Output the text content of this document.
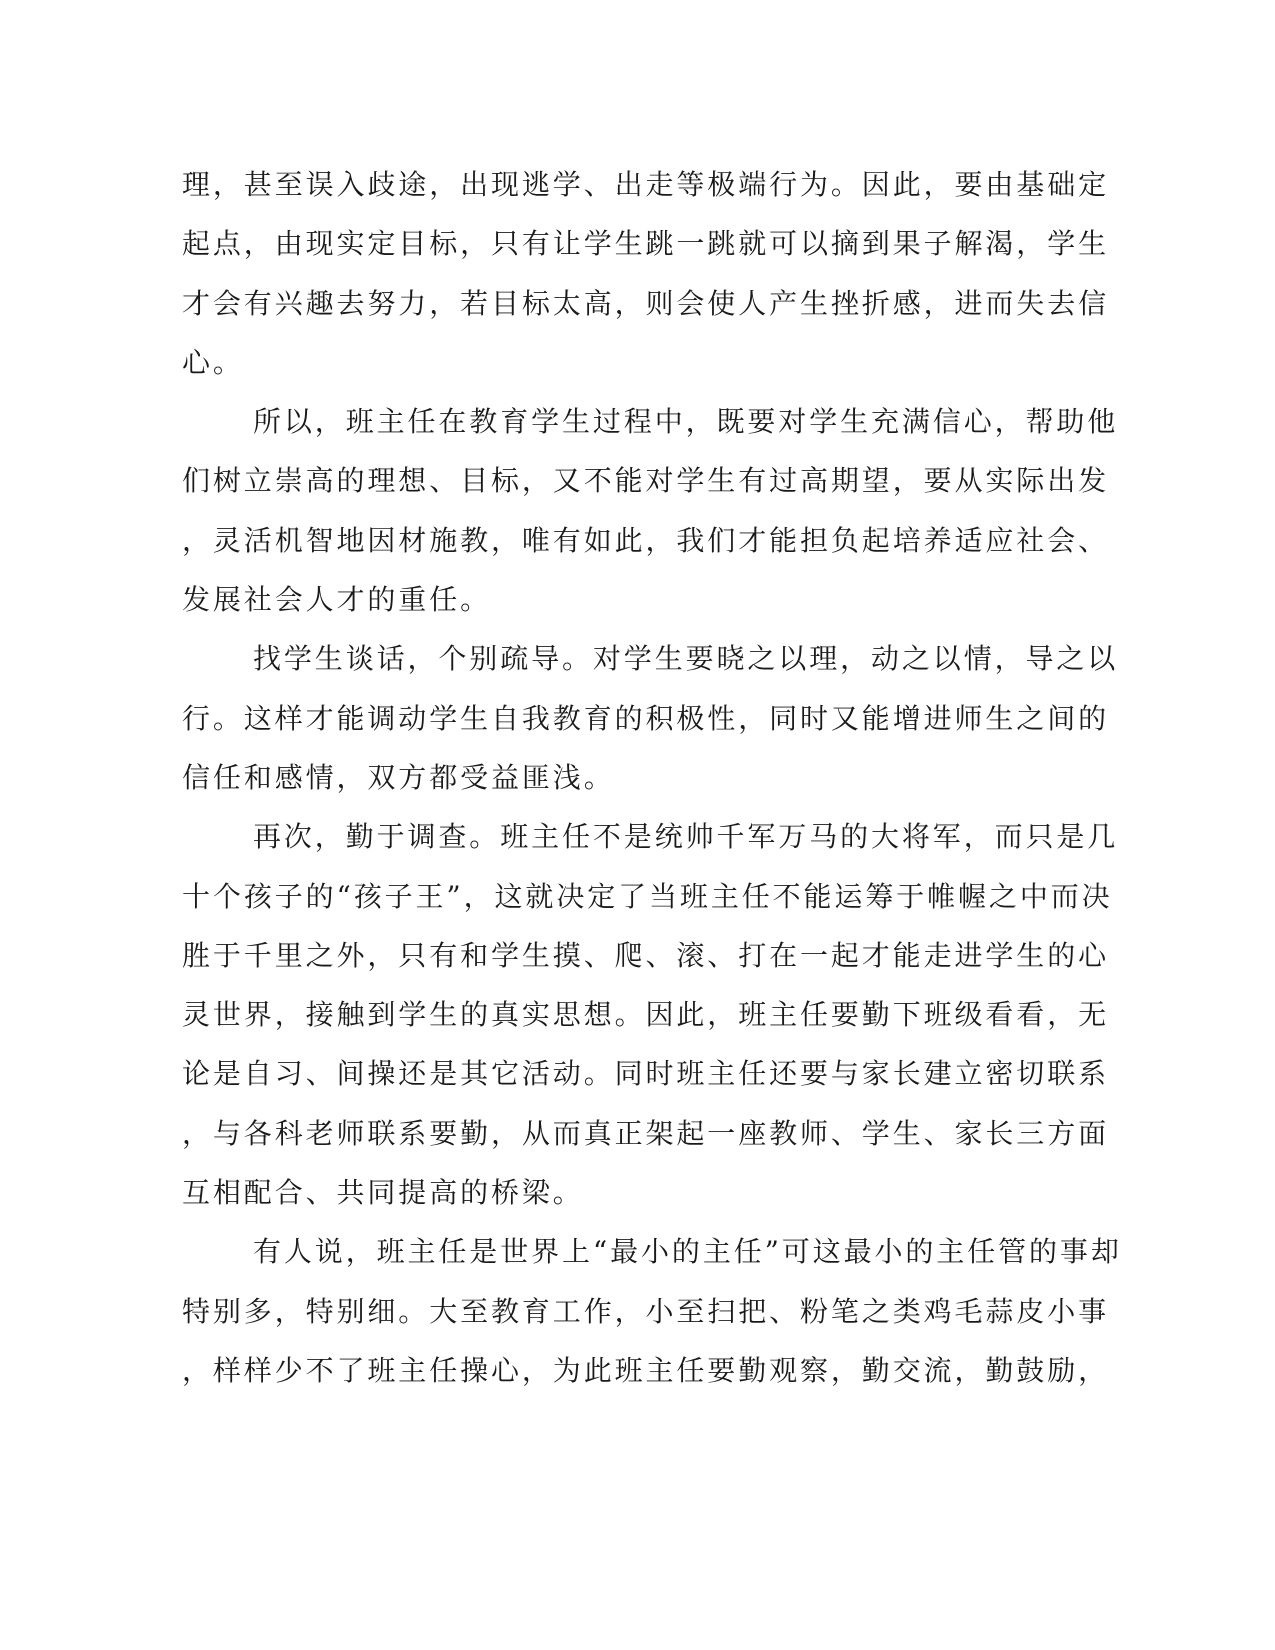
理，甚至误入歧途，出现逃学、出走等极端行为。因此，要由基础定
起点，由现实定目标，只有让学生跳一跳就可以摘到果子解渴，学生
才会有兴趣去努力，若目标太高，则会使人产生挫折感，进而失去信
心。
所以，班主任在教育学生过程中，既要对学生充满信心，帮助他
们树立崇高的理想、目标，又不能对学生有过高期望，要从实际出发
，灵活机智地因材施教，唯有如此，我们才能担负起培养适应社会、
发展社会人才的重任。
找学生谈话，个别疏导。对学生要晓之以理，动之以情，导之以
行。这样才能调动学生自我教育的积极性，同时又能增进师生之间的
信任和感情，双方都受益匪浅。
再次，勤于调查。班主任不是统帅千军万马的大将军，而只是几
十个孩子的“孩子王”，这就决定了当班主任不能运筹于帷幄之中而决
胜于千里之外，只有和学生摸、爬、滚、打在一起才能走进学生的心
灵世界，接触到学生的真实思想。因此，班主任要勤下班级看看，无
论是自习、间操还是其它活动。同时班主任还要与家长建立密切联系
，与各科老师联系要勤，从而真正架起一座教师、学生、家长三方面
互相配合、共同提高的桥梁。
有人说，班主任是世界上“最小的主任”可这最小的主任管的事却
特别多，特别细。大至教育工作，小至扫把、粉笔之类鸡毛蒜皮小事
，样样少不了班主任操心，为此班主任要勤观察，勤交流，勤鼓励，
